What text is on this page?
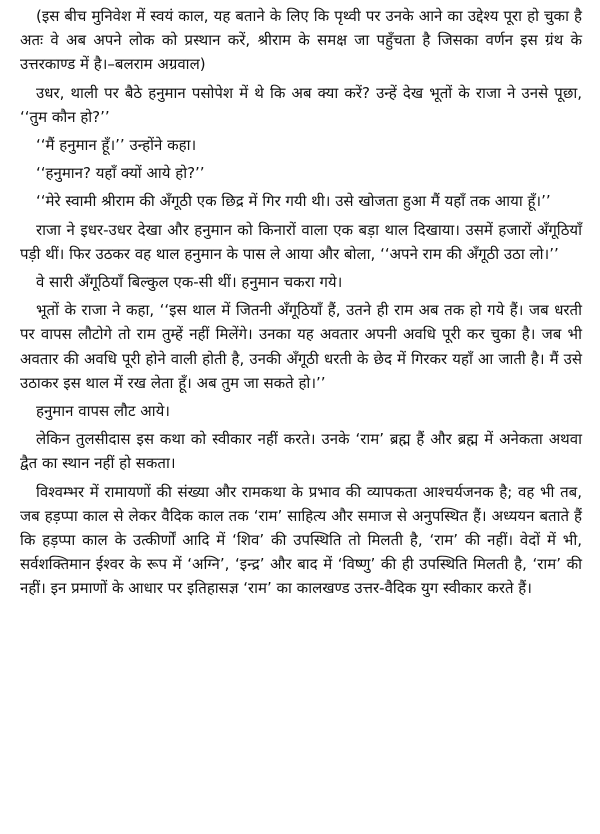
(इस बीच मुनिवेश में स्वयं काल, यह बताने के लिए कि पृथ्वी पर उनके आने का उद्देश्य पूरा हो चुका है अतः वे अब अपने लोक को प्रस्थान करें, श्रीराम के समक्ष जा पहुँचता है जिसका वर्णन इस ग्रंथ के उत्तरकाण्ड में है।–बलराम अग्रवाल)

उधर, थाली पर बैठे हनुमान पसोपेश में थे कि अब क्या करें? उन्हें देख भूतों के राजा ने उनसे पूछा, ‘‘तुम कौन हो?’’

‘‘मैं हनुमान हूँ।’’ उन्होंने कहा।

‘‘हनुमान? यहाँ क्यों आये हो?’’

‘‘मेरे स्वामी श्रीराम की अँगूठी एक छिद्र में गिर गयी थी। उसे खोजता हुआ मैं यहाँ तक आया हूँ।’’

राजा ने इधर-उधर देखा और हनुमान को किनारों वाला एक बड़ा थाल दिखाया। उसमें हजारों अँगूठियाँ पड़ी थीं। फिर उठकर वह थाल हनुमान के पास ले आया और बोला, ‘‘अपने राम की अँगूठी उठा लो।’’

वे सारी अँगूठियाँ बिल्कुल एक-सी थीं। हनुमान चकरा गये।

भूतों के राजा ने कहा, ‘‘इस थाल में जितनी अँगूठियाँ हैं, उतने ही राम अब तक हो गये हैं। जब धरती पर वापस लौटोगे तो राम तुम्हें नहीं मिलेंगे। उनका यह अवतार अपनी अवधि पूरी कर चुका है। जब भी अवतार की अवधि पूरी होने वाली होती है, उनकी अँगूठी धरती के छेद में गिरकर यहाँ आ जाती है। मैं उसे उठाकर इस थाल में रख लेता हूँ। अब तुम जा सकते हो।’’

हनुमान वापस लौट आये।

लेकिन तुलसीदास इस कथा को स्वीकार नहीं करते। उनके ‘राम’ ब्रह्म हैं और ब्रह्म में अनेकता अथवा द्वैत का स्थान नहीं हो सकता।

विश्वम्भर में रामायणों की संख्या और रामकथा के प्रभाव की व्यापकता आश्चर्यजनक है; वह भी तब, जब हड़प्पा काल से लेकर वैदिक काल तक ‘राम’ साहित्य और समाज से अनुपस्थित हैं। अध्ययन बताते हैं कि हड़प्पा काल के उत्कीर्णों आदि में ‘शिव’ की उपस्थिति तो मिलती है, ‘राम’ की नहीं। वेदों में भी, सर्वशक्तिमान ईश्वर के रूप में ‘अग्नि’, ‘इन्द्र’ और बाद में ‘विष्णु’ की ही उपस्थिति मिलती है, ‘राम’ की नहीं। इन प्रमाणों के आधार पर इतिहासज्ञ ‘राम’ का कालखण्ड उत्तर-वैदिक युग स्वीकार करते हैं।
